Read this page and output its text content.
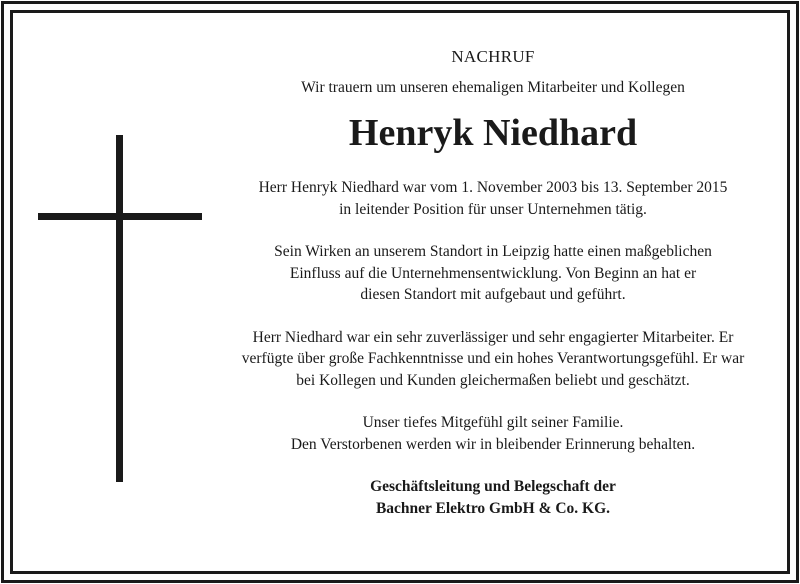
NACHRUF
Wir trauern um unseren ehemaligen Mitarbeiter und Kollegen
Henryk Niedhard
Herr Henryk Niedhard war vom 1. November 2003 bis 13. September 2015
in leitender Position für unser Unternehmen tätig.
Sein Wirken an unserem Standort in Leipzig hatte einen maßgeblichen
Einfluss auf die Unternehmensentwicklung. Von Beginn an hat er
diesen Standort mit aufgebaut und geführt.
Herr Niedhard war ein sehr zuverlässiger und sehr engagierter Mitarbeiter. Er
verfügte über große Fachkenntnisse und ein hohes Verantwortungsgefühl. Er war
bei Kollegen und Kunden gleichermaßen beliebt und geschätzt.
Unser tiefes Mitgefühl gilt seiner Familie.
Den Verstorbenen werden wir in bleibender Erinnerung behalten.
Geschäftsleitung und Belegschaft der
Bachner Elektro GmbH & Co. KG.
